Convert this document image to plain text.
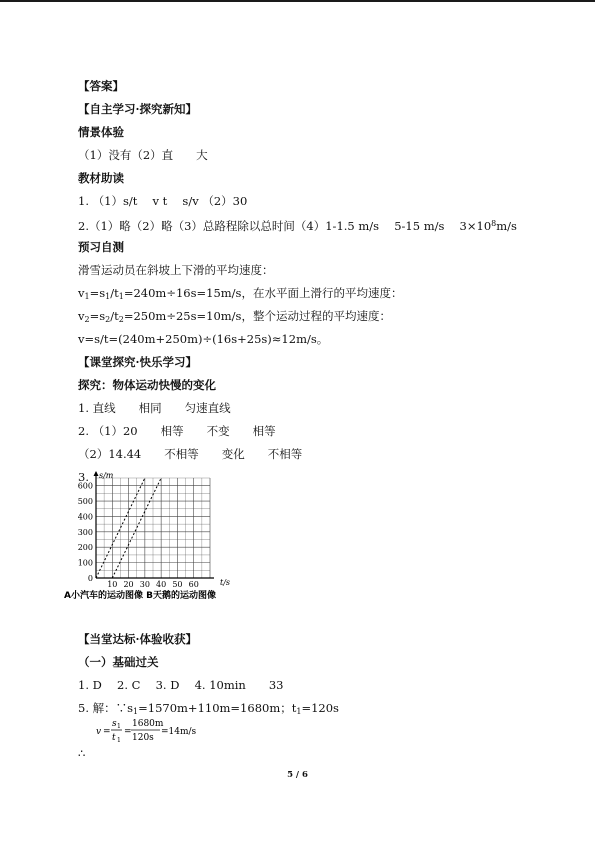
【答案】
【自主学习·探究新知】
情景体验
（1）没有（2）直　　大
教材助读
1. （1）s/t　 v t　 s/v （2）30
2.（1）略（2）略（3）总路程除以总时间（4）1-1.5 m/s　 5-15 m/s　 $3\times 10^8m/s$
预习自测
滑雪运动员在斜坡上下滑的平均速度：
$v_1=s_1/t_1=240m\div 16s=15m/s$，在水平面上滑行的平均速度：
$v_2=s_2/t_2=250m\div 25s=10m/s$，整个运动过程的平均速度：
v=s/t=(240m+250m)÷(16s+25s)≈12m/s。
【课堂探究·快乐学习】
探究：物体运动快慢的变化
1. 直线　　相同　　匀速直线
2. （1）20　　相等　　不变　　相等
（2）14.44　　不相等　　变化　　不相等
3.
600
500
400
300
200
100
0
10 20 30 40 50 60
s/m
t/s
A小汽车的运动图像 B天鹅的运动图像
【当堂达标·体验收获】
（一）基础过关
1. D　 2. C　 3. D　 4. 10min　　33
5. 解：$\because s_1=1570m+110m=1680m$；$t_1=120s$
v =
s 1
t 1
=
1680m
120s
=14m/s
∴
5 / 6
